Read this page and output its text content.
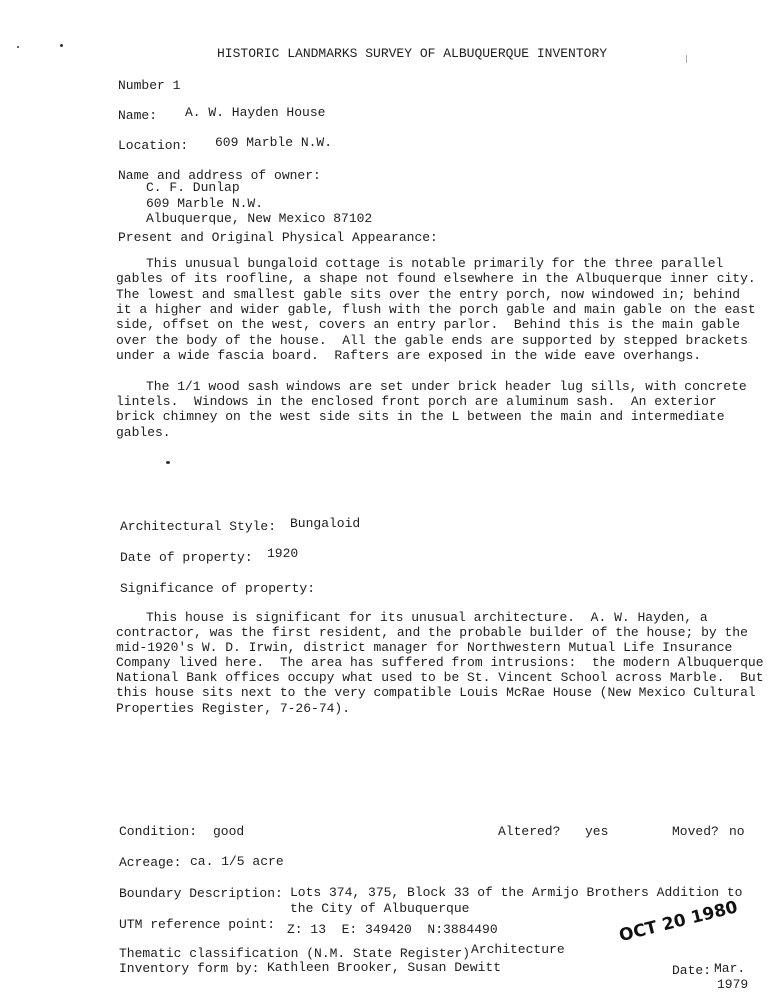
HISTORIC LANDMARKS SURVEY OF ALBUQUERQUE INVENTORY
Number 1
Name: A. W. Hayden House
Location: 609 Marble N.W.
Name and address of owner:
C. F. Dunlap
609 Marble N.W.
Albuquerque, New Mexico 87102
Present and Original Physical Appearance:
This unusual bungaloid cottage is notable primarily for the three parallel
gables of its roofline, a shape not found elsewhere in the Albuquerque inner city.
The lowest and smallest gable sits over the entry porch, now windowed in; behind
it a higher and wider gable, flush with the porch gable and main gable on the east
side, offset on the west, covers an entry parlor.  Behind this is the main gable
over the body of the house.  All the gable ends are supported by stepped brackets
under a wide fascia board.  Rafters are exposed in the wide eave overhangs.
The 1/1 wood sash windows are set under brick header lug sills, with concrete
lintels.  Windows in the enclosed front porch are aluminum sash.  An exterior
brick chimney on the west side sits in the L between the main and intermediate
gables.
Architectural Style: Bungaloid
Date of property: 1920
Significance of property:
This house is significant for its unusual architecture.  A. W. Hayden, a
contractor, was the first resident, and the probable builder of the house; by the
mid-1920's W. D. Irwin, district manager for Northwestern Mutual Life Insurance
Company lived here.  The area has suffered from intrusions:  the modern Albuquerque
National Bank offices occupy what used to be St. Vincent School across Marble.  But
this house sits next to the very compatible Louis McRae House (New Mexico Cultural
Properties Register, 7-26-74).
Condition: good	Altered? yes	Moved? no
Acreage: ca. 1/5 acre
Boundary Description: Lots 374, 375, Block 33 of the Armijo Brothers Addition to
the City of Albuquerque
UTM reference point: Z: 13  E: 349420  N:3884490
Thematic classification (N.M. State Register) Architecture
Inventory form by: Kathleen Brooker, Susan Dewitt	Date: Mar.
1979
OCT 20 1980
